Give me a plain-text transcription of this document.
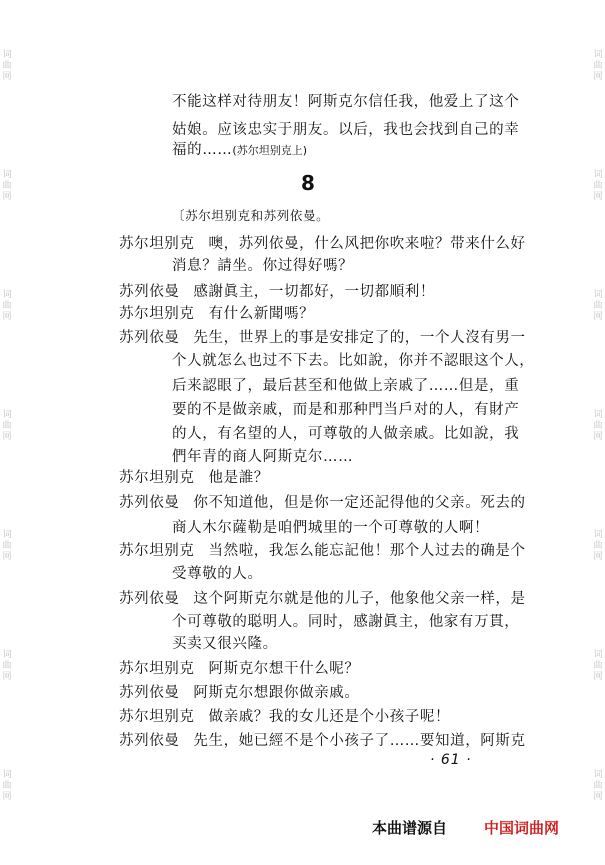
词
曲
网
词
曲
网
词
曲
网
词
曲
网
词
曲
网
词
曲
网
词
曲
网
词
曲
网
词
曲
网
词
曲
网
词
曲
网
词
曲
网
词
曲
网
词
曲
网
不能这样对待朋友！阿斯克尔信任我，他爱上了这个
姑娘。应该忠实于朋友。以后，我也会找到自己的幸
福的……(苏尔坦别克上)
8
〔苏尔坦别克和苏列依曼。
苏尔坦别克 噢，苏列依曼，什么风把你吹来啦？带来什么好
消息？請坐。你过得好嗎？
苏列依曼 感謝眞主，一切都好，一切都順利！
苏尔坦别克 有什么新聞嗎？
苏列依曼 先生，世界上的事是安排定了的，一个人沒有男一
个人就怎么也过不下去。比如說，你并不認眼这个人，
后来認眼了，最后甚至和他做上亲戚了……但是，重
要的不是做亲戚，而是和那种門当戶对的人，有財产
的人，有名望的人，可尊敬的人做亲戚。比如說，我
們年青的商人阿斯克尔……
苏尔坦别克 他是誰？
苏列依曼 你不知道他，但是你一定还記得他的父亲。死去的
商人木尔薩勒是咱們城里的一个可尊敬的人啊！
苏尔坦别克 当然啦，我怎么能忘記他！那个人过去的确是个
受尊敬的人。
苏列依曼 这个阿斯克尔就是他的儿子，他象他父亲一样，是
个可尊敬的聪明人。同时，感謝眞主，他家有万貫，
买卖又很兴隆。
苏尔坦别克 阿斯克尔想干什么呢？
苏列依曼 阿斯克尔想跟你做亲戚。
苏尔坦别克 做亲戚？我的女儿还是个小孩子呢！
苏列依曼 先生，她已經不是个小孩子了……要知道，阿斯克
· 61 ·
本曲谱源自 中国词曲网
